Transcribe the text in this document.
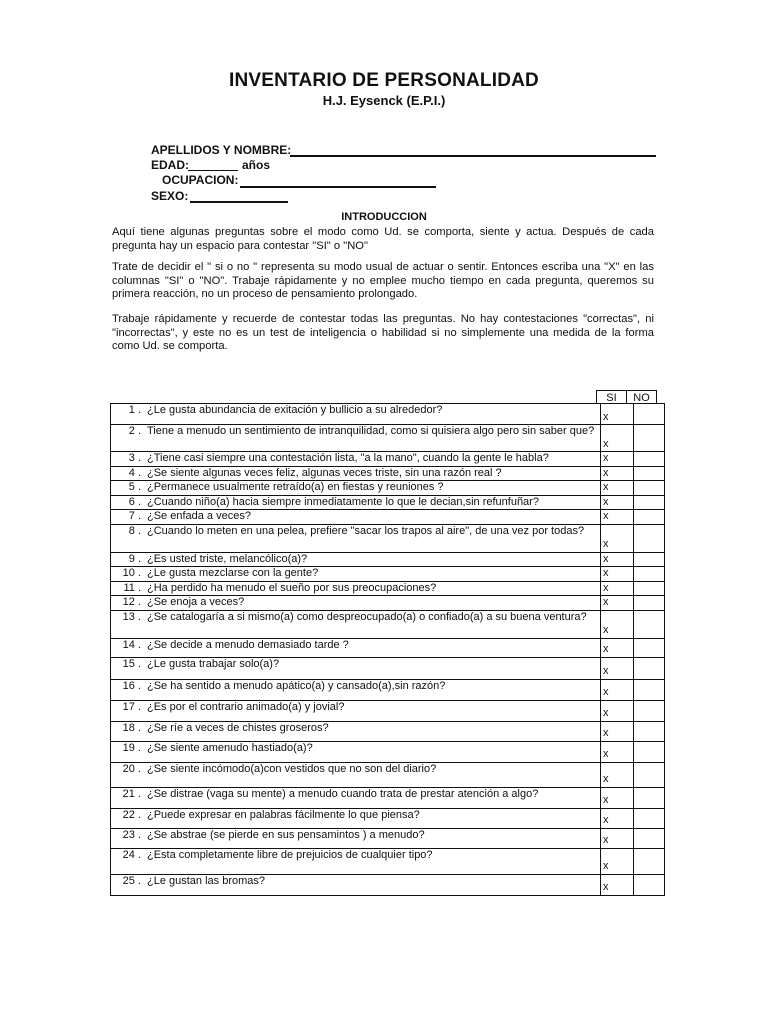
INVENTARIO DE PERSONALIDAD
H.J. Eysenck (E.P.I.)
APELLIDOS Y NOMBRE:
EDAD:	años
OCUPACION:
SEXO:
INTRODUCCION
Aquí tiene algunas preguntas sobre el modo como Ud. se comporta, siente y actua. Después de cada pregunta hay un espacio para contestar "SI" o "NO"
Trate de decidir el " si o no " representa su modo usual de actuar o sentir. Entonces escriba una "X" en las columnas "SI" o "NO". Trabaje rápidamente y no emplee mucho tiempo en cada pregunta, queremos su primera reacción, no un proceso de pensamiento prolongado.
Trabaje rápidamente y recuerde de contestar todas las preguntas. No hay contestaciones "correctas", ni "incorrectas", y este no es un test de inteligencia o habilidad si no simplemente una medida de la forma como Ud. se comporta.
SI	NO
1 .	¿Le gusta abundancia de exitación y bullicio a su alrededor?	x	
2 .	Tiene a menudo un sentimiento de intranquilidad, como si quisiera algo pero sin saber que?	x	
3 .	¿Tiene casi siempre una contestación lista, "a la mano", cuando la gente le habla?	x	
4 .	¿Se siente algunas veces feliz, algunas veces triste, sin una razón real ?	x	
5 .	¿Permanece usualmente retraído(a) en fiestas y reuniones ?	x	
6 .	¿Cuando niño(a) hacia siempre inmediatamente lo que le decian,sin refunfuñar?	x	
7 .	¿Se enfada a veces?	x	
8 .	¿Cuando lo meten en una pelea, prefiere "sacar los trapos al aire", de una vez por todas?	x	
9 .	¿Es usted triste, melancólico(a)?	x	
10 .	¿Le gusta mezclarse con la gente?	x	
11 .	¿Ha perdido ha menudo el sueño por sus preocupaciones?	x	
12 .	¿Se enoja a veces?	x	
13 .	¿Se catalogaría a si mismo(a) como despreocupado(a) o confiado(a) a su buena ventura?	x	
14 .	¿Se decide a menudo demasiado tarde ?	x	
15 .	¿Le gusta trabajar solo(a)?	x	
16 .	¿Se ha sentido a menudo apático(a) y cansado(a),sin razón?	x	
17 .	¿Es por el contrario animado(a) y jovial?	x	
18 .	¿Se ríe a veces de chistes groseros?	x	
19 .	¿Se siente amenudo hastiado(a)?	x	
20 .	¿Se siente incómodo(a)con vestidos que no son del diario?	x	
21 .	¿Se distrae (vaga su mente) a menudo cuando trata de prestar atención a algo?	x	
22 .	¿Puede expresar en palabras fácilmente lo que piensa?	x	
23 .	¿Se abstrae (se pierde en sus pensamintos ) a menudo?	x	
24 .	¿Esta completamente libre de prejuicios de cualquier tipo?	x	
25 .	¿Le gustan las bromas?	x	
